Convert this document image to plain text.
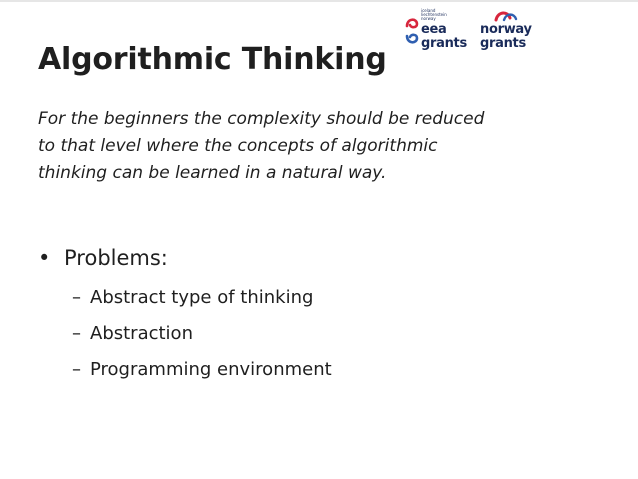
iceland liechtenstein norway
eea
grants
norway
grants
Algorithmic Thinking

For the beginners the complexity should be reduced
to that level where the concepts of algorithmic
thinking can be learned in a natural way.

• Problems:
– Abstract type of thinking
– Abstraction
– Programming environment
